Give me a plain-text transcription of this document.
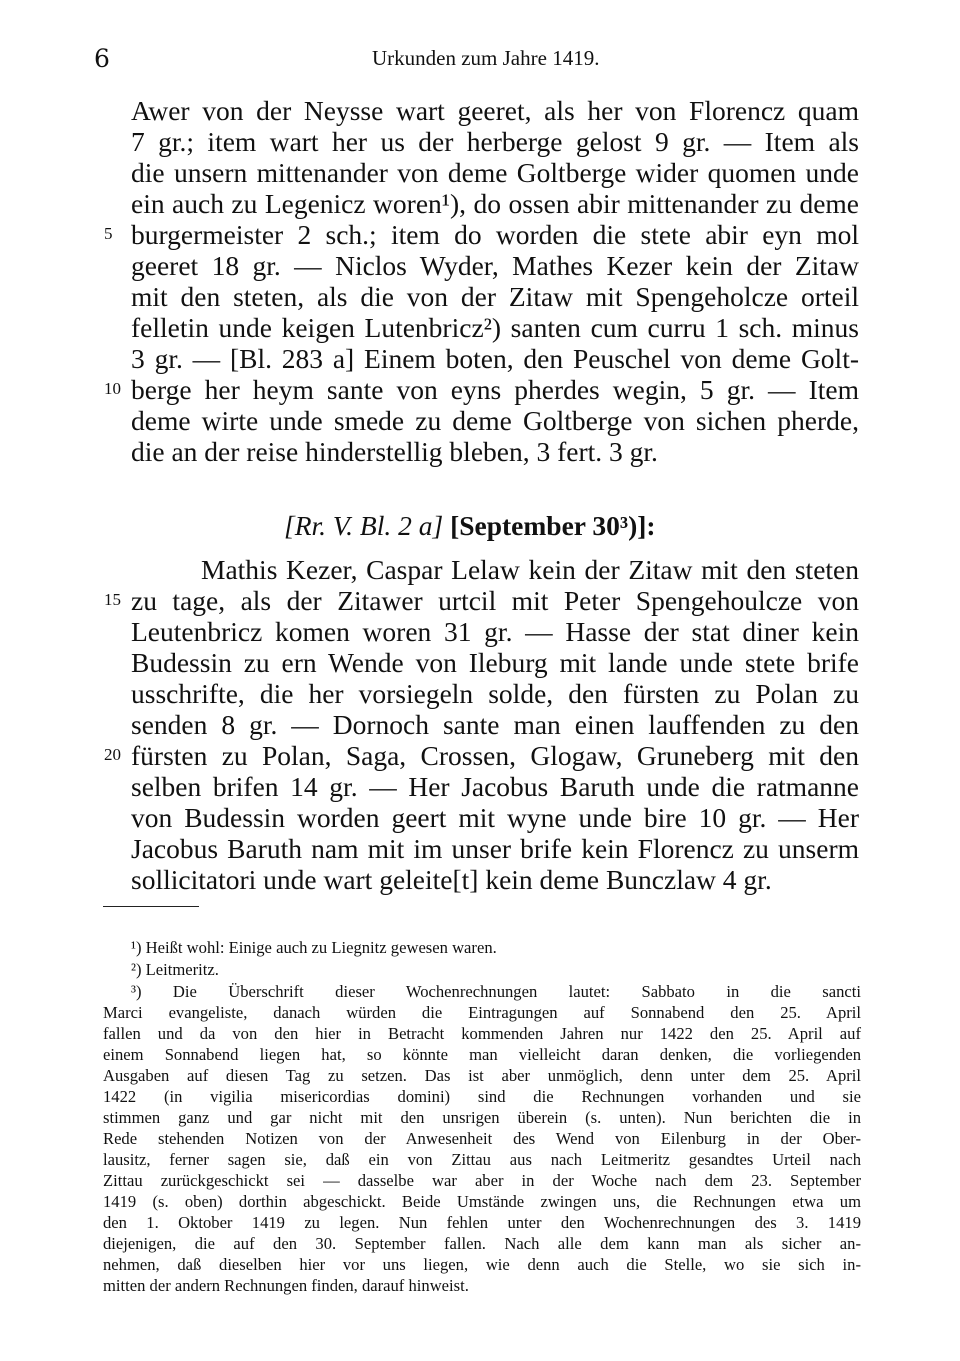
6	Urkunden zum Jahre 1419.
Awer von der Neysse wart geeret, als her von Florencz quam
7 gr.; item wart her us der herberge gelost 9 gr. — Item als
die unsern mittenander von deme Goltberge wider quomen unde
ein auch zu Legenicz woren¹), do ossen abir mittenander zu deme
burgermeister 2 sch.; item do worden die stete abir eyn mol
geeret 18 gr. — Niclos Wyder, Mathes Kezer kein der Zitaw
mit den steten, als die von der Zitaw mit Spengeholcze orteil
felletin unde keigen Lutenbricz²) santen cum curru 1 sch. minus
3 gr. — [Bl. 283 a] Einem boten, den Peuschel von deme Golt-
berge her heym sante von eyns pherdes wegin, 5 gr. — Item
deme wirte unde smede zu deme Goltberge von sichen pherde,
die an der reise hinderstellig bleben, 3 fert. 3 gr.
5
10
[Rr. V. Bl. 2 a] [September 30³)]:
Mathis Kezer, Caspar Lelaw kein der Zitaw mit den steten
zu tage, als der Zitawer urtcil mit Peter Spengehoulcze von
Leutenbricz komen woren 31 gr. — Hasse der stat diner kein
Budessin zu ern Wende von Ileburg mit lande unde stete brife
usschrifte, die her vorsiegeln solde, den fürsten zu Polan zu
senden 8 gr. — Dornoch sante man einen lauffenden zu den
fürsten zu Polan, Saga, Crossen, Glogaw, Gruneberg mit den
selben brifen 14 gr. — Her Jacobus Baruth unde die ratmanne
von Budessin worden geert mit wyne unde bire 10 gr. — Her
Jacobus Baruth nam mit im unser brife kein Florencz zu unserm
sollicitatori unde wart geleite[t] kein deme Bunczlaw 4 gr.
15
20
¹) Heißt wohl: Einige auch zu Liegnitz gewesen waren.
²) Leitmeritz.
³) Die Überschrift dieser Wochenrechnungen lautet: Sabbato in die sancti
Marci evangeliste, danach würden die Eintragungen auf Sonnabend den 25. April
fallen und da von den hier in Betracht kommenden Jahren nur 1422 den 25. April auf
einem Sonnabend liegen hat, so könnte man vielleicht daran denken, die vorliegenden
Ausgaben auf diesen Tag zu setzen. Das ist aber unmöglich, denn unter dem 25. April
1422 (in vigilia misericordias domini) sind die Rechnungen vorhanden und sie
stimmen ganz und gar nicht mit den unsrigen überein (s. unten). Nun berichten die in
Rede stehenden Notizen von der Anwesenheit des Wend von Eilenburg in der Ober-
lausitz, ferner sagen sie, daß ein von Zittau aus nach Leitmeritz gesandtes Urteil nach
Zittau zurückgeschickt sei — dasselbe war aber in der Woche nach dem 23. September
1419 (s. oben) dorthin abgeschickt. Beide Umstände zwingen uns, die Rechnungen etwa um
den 1. Oktober 1419 zu legen. Nun fehlen unter den Wochenrechnungen des 3. 1419
diejenigen, die auf den 30. September fallen. Nach alle dem kann man als sicher an-
nehmen, daß dieselben hier vor uns liegen, wie denn auch die Stelle, wo sie sich in-
mitten der andern Rechnungen finden, darauf hinweist.
